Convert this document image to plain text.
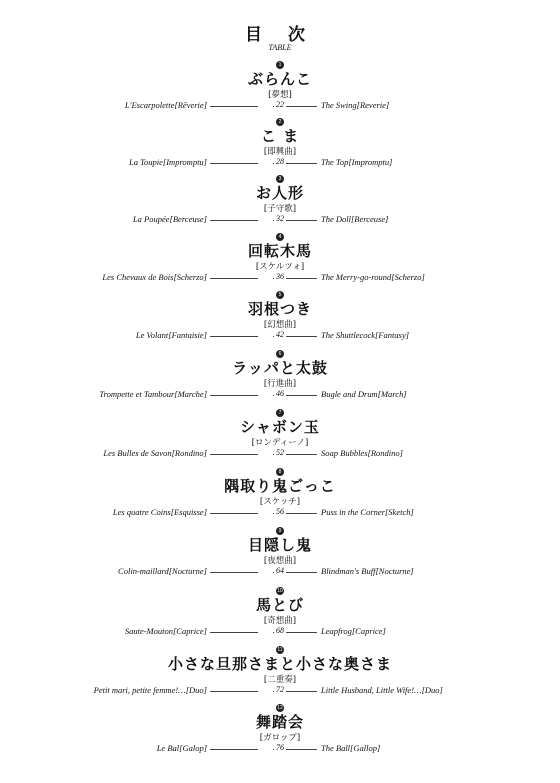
目 次
TABLE
1
ぶらんこ
[夢想]
L'Escarpolette[Rêverie]	22	The Swing[Reverie]
2
こ ま
[即興曲]
La Toupie[Impromptu]	28	The Top[Impromptu]
3
お人形
[子守歌]
La Poupée[Berceuse]	32	The Doll[Berceuse]
4
回転木馬
[スケルツォ]
Les Chevaux de Bois[Scherzo]	36	The Merry-go-round[Scherzo]
5
羽根つき
[幻想曲]
Le Volant[Fantaisie]	42	The Shuttlecock[Fantasy]
6
ラッパと太鼓
[行進曲]
Trompette et Tambour[Marche]	46	Bugle and Drum[March]
7
シャボン玉
[ロンディーノ]
Les Bulles de Savon[Rondino]	52	Soap Bubbles[Rondino]
8
隅取り鬼ごっこ
[スケッチ]
Les quatre Coins[Esquisse]	56	Puss in the Corner[Sketch]
9
目隠し鬼
[夜想曲]
Colin-maillard[Nocturne]	64	Blindman's Buff[Nocturne]
10
馬とび
[奇想曲]
Saute-Mouton[Caprice]	68	Leapfrog[Caprice]
11
小さな旦那さまと小さな奥さま
[二重奏]
Petit mari, petite femme!…[Duo]	72	Little Husband, Little Wife!…[Duo]
12
舞踏会
[ガロップ]
Le Bal[Galop]	76	The Ball[Gallop]
